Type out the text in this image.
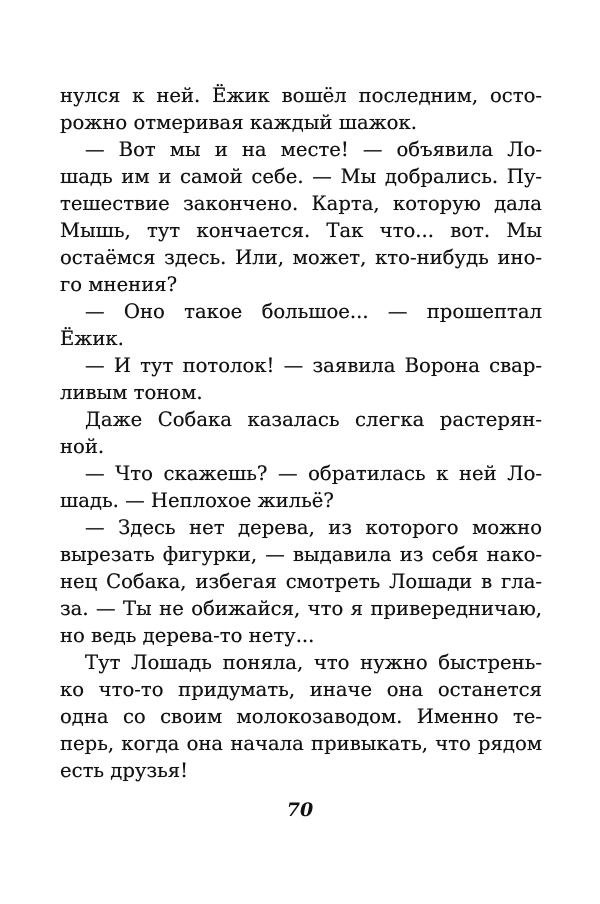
нулся к ней. Ёжик вошёл последним, осто-
рожно отмеривая каждый шажок.
— Вот мы и на месте! — объявила Ло-
шадь им и самой себе. — Мы добрались. Пу-
тешествие закончено. Карта, которую дала
Мышь, тут кончается. Так что... вот. Мы
остаёмся здесь. Или, может, кто-нибудь ино-
го мнения?
— Оно такое большое... — прошептал
Ёжик.
— И тут потолок! — заявила Ворона свар-
ливым тоном.
Даже Собака казалась слегка растерян-
ной.
— Что скажешь? — обратилась к ней Ло-
шадь. — Неплохое жильё?
— Здесь нет дерева, из которого можно
вырезать фигурки, — выдавила из себя нако-
нец Собака, избегая смотреть Лошади в гла-
за. — Ты не обижайся, что я привередничаю,
но ведь дерева-то нету...
Тут Лошадь поняла, что нужно быстрень-
ко что-то придумать, иначе она останется
одна со своим молокозаводом. Именно те-
перь, когда она начала привыкать, что рядом
есть друзья!
70
